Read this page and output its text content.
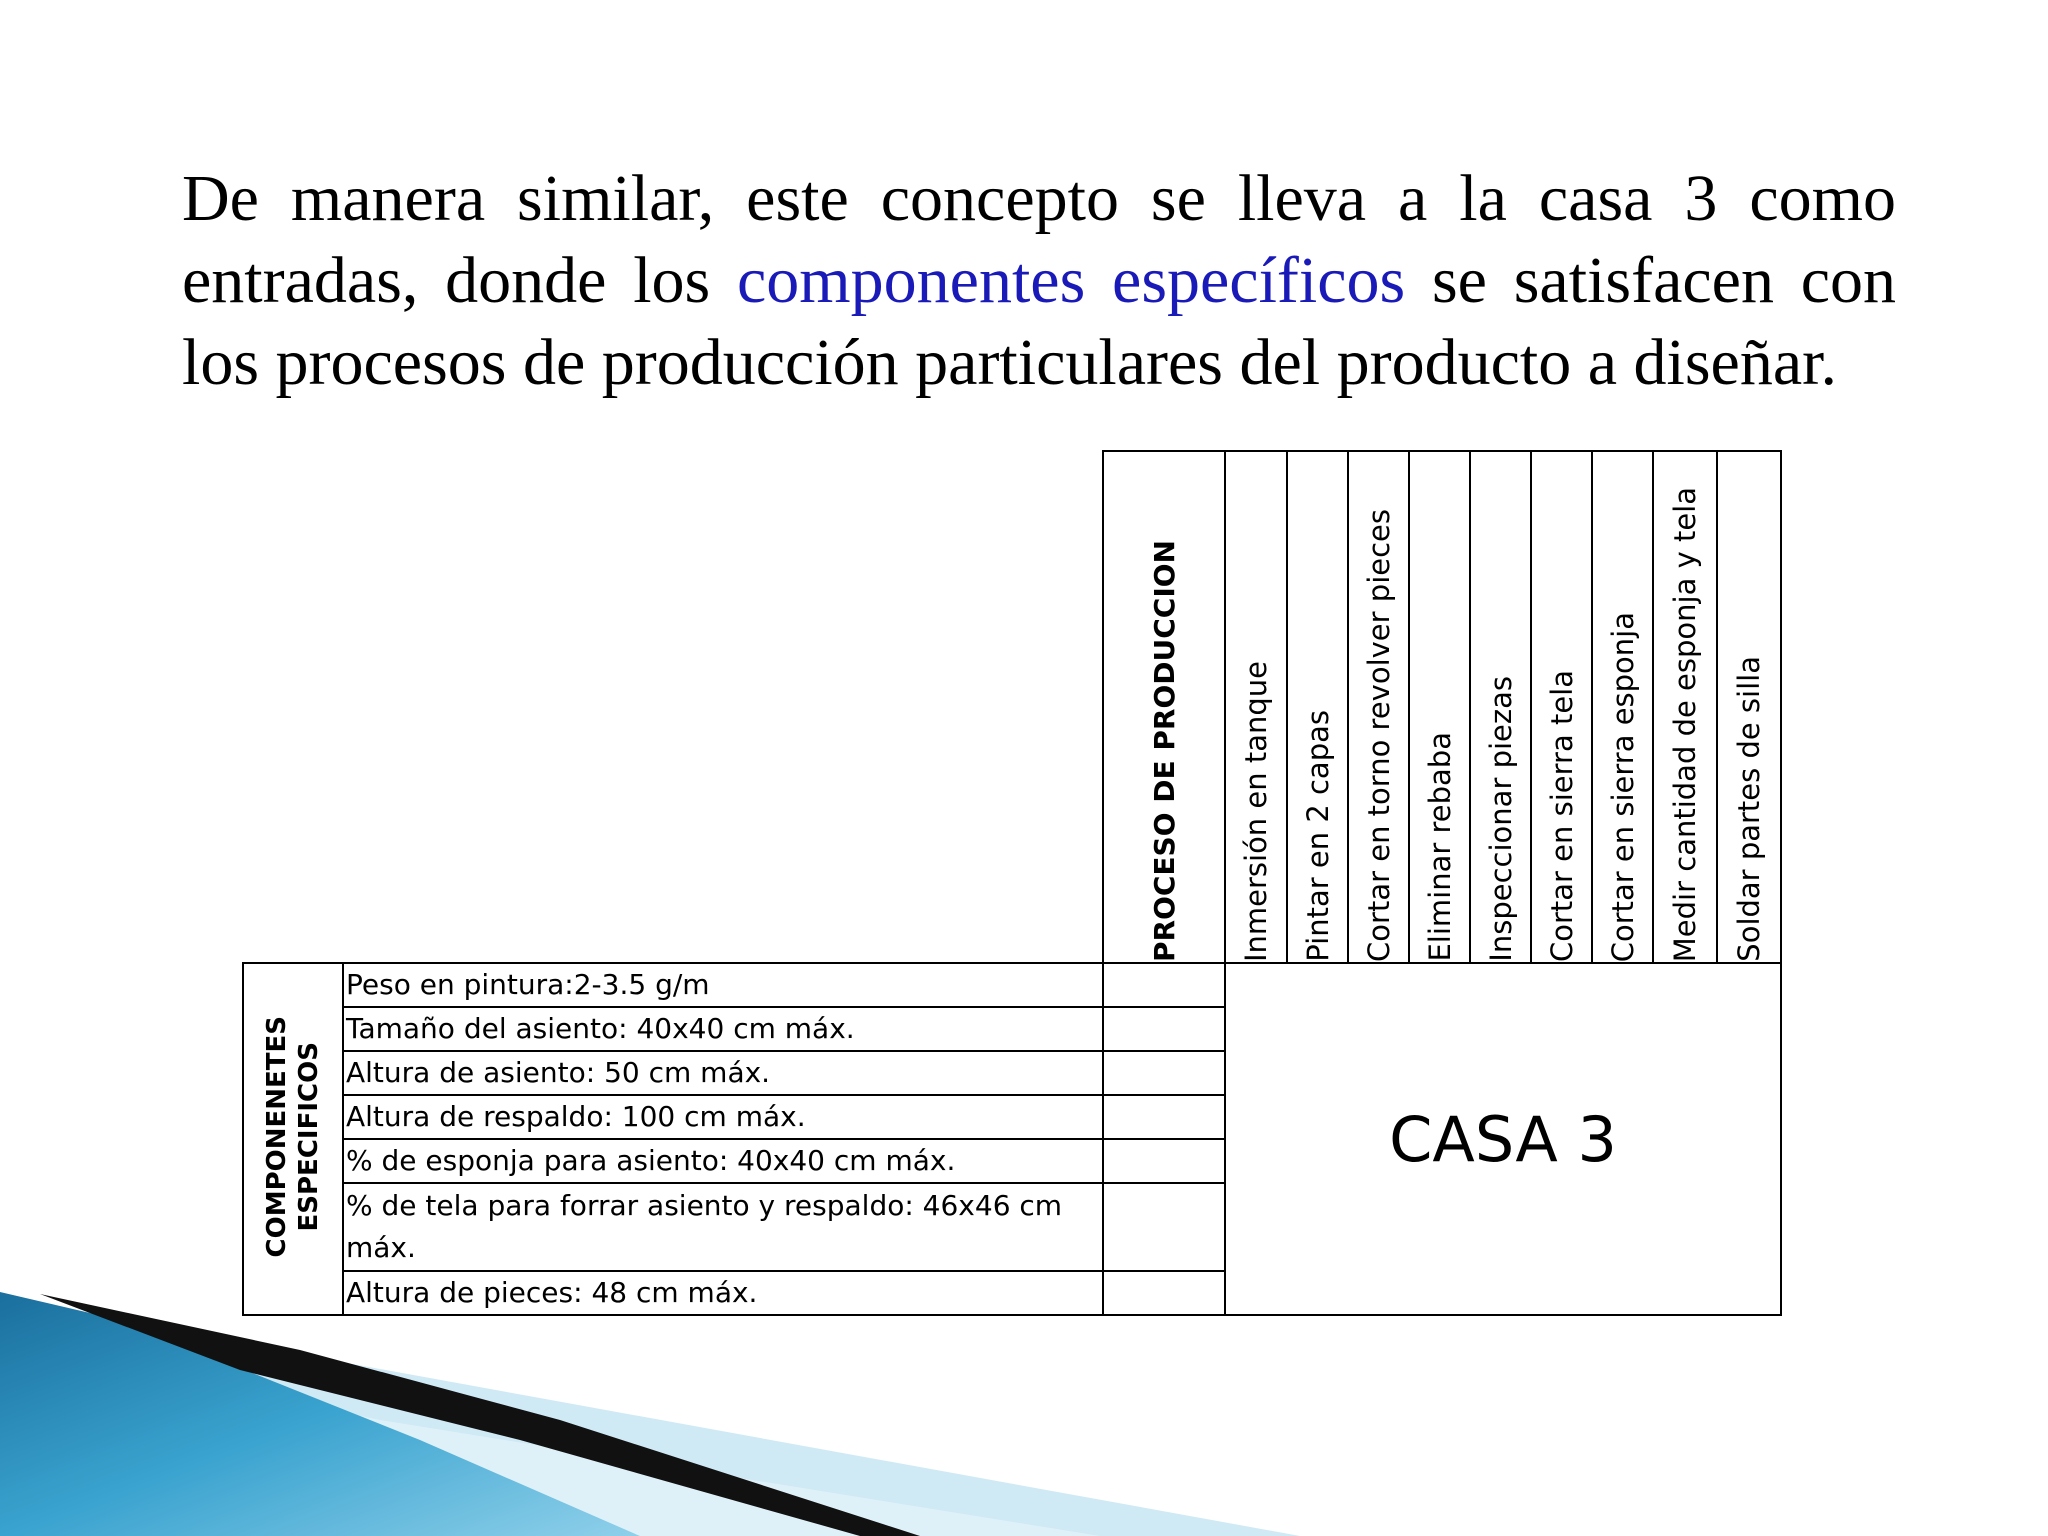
De manera similar, este concepto se lleva a la casa 3 como entradas, donde los componentes específicos se satisfacen con los procesos de producción particulares del producto a diseñar.

		PROCESO DE PRODUCCION	Inmersión en tanque	Pintar en 2 capas	Cortar en torno revolver pieces	Eliminar rebaba	Inspeccionar piezas	Cortar en sierra tela	Cortar en sierra esponja	Medir cantidad de esponja y tela	Soldar partes de silla

COMPONENETES
ESPECIFICOS	Peso en pintura:2-3.5 g/m		CASA 3								
	Tamaño del asiento: 40x40 cm máx.										
	Altura de asiento: 50 cm máx.										
	Altura de respaldo: 100 cm máx.										
	% de esponja para asiento: 40x40 cm máx.										
	% de tela para forrar asiento y respaldo: 46x46 cm máx.										
	Altura de pieces: 48 cm máx.										
